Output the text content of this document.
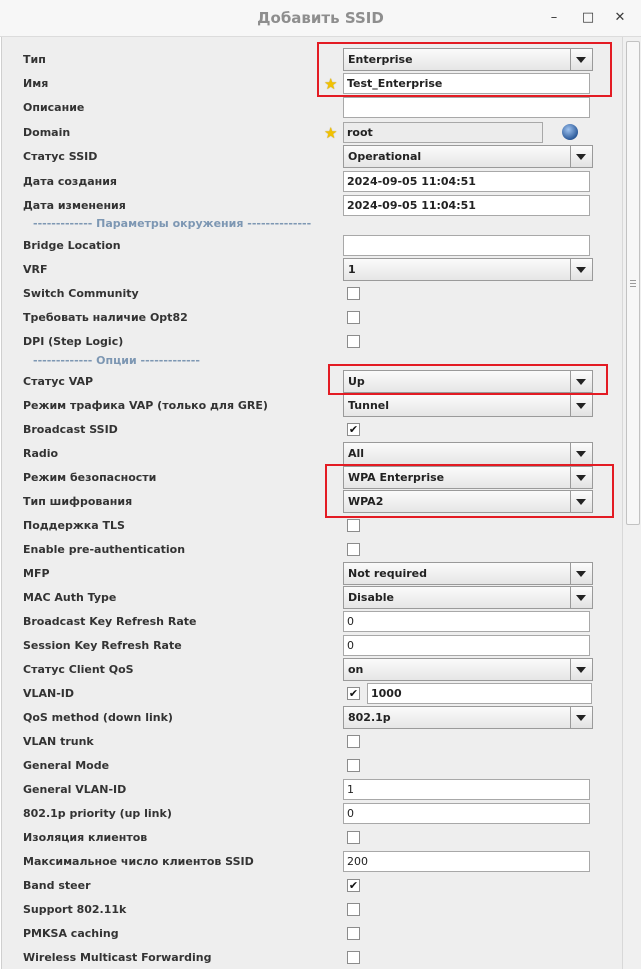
Добавить SSID	–	□ ✕
Тип	Enterprise
Имя	★ Test_Enterprise
Описание
Domain	★ root
Статус SSID	Operational
Дата создания	2024-09-05 11:04:51
Дата изменения	2024-09-05 11:04:51
------------- Параметры окружения --------------
Bridge Location
VRF	1
Switch Community
Требовать наличие Opt82
DPI (Step Logic)
------------- Опции -------------
Статус VAP	Up
Режим трафика VAP (только для GRE)	Tunnel
Broadcast SSID	✔
Radio	All
Режим безопасности	WPA Enterprise
Тип шифрования	WPA2
Поддержка TLS
Enable pre-authentication
MFP	Not required
MAC Auth Type	Disable
Broadcast Key Refresh Rate	0
Session Key Refresh Rate	0
Статус Client QoS	on
VLAN-ID	✔	1000
QoS method (down link)	802.1p
VLAN trunk
General Mode
General VLAN-ID	1
802.1p priority (up link)	0
Изоляция клиентов
Максимальное число клиентов SSID	200
Band steer	✔
Support 802.11k
PMKSA caching
Wireless Multicast Forwarding
